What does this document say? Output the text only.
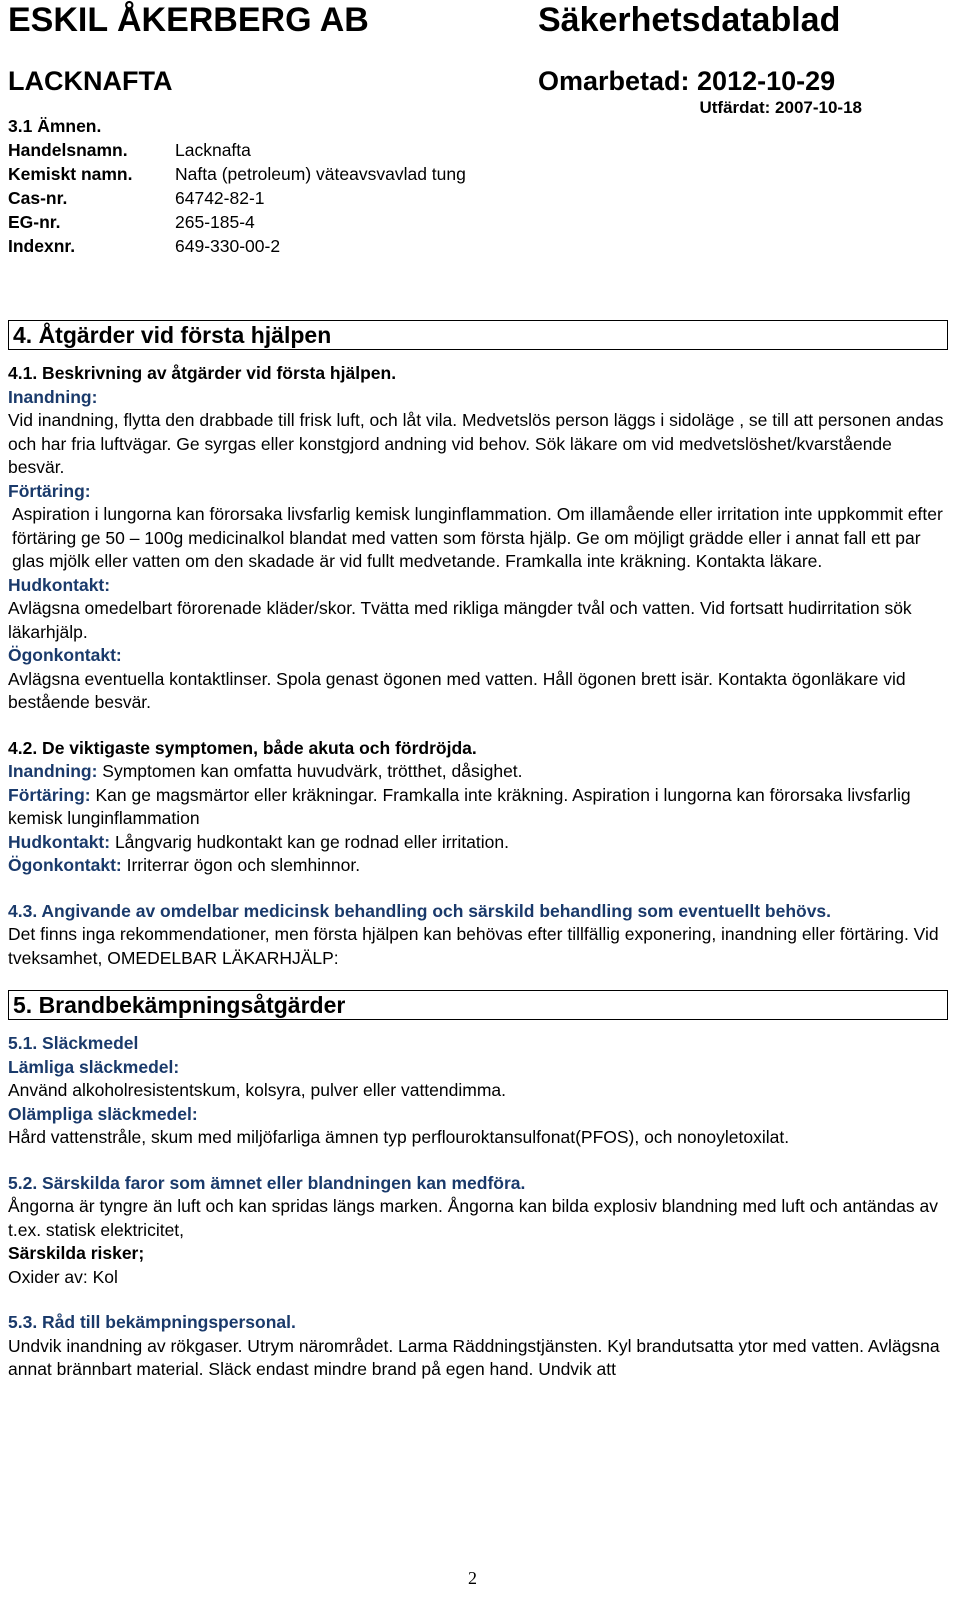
ESKIL ÅKERBERG AB	Säkerhetsdatablad
LACKNAFTA	Omarbetad: 2012-10-29
Utfärdat: 2007-10-18
3.1 Ämnen.
Handelsnamn.	Lacknafta
Kemiskt namn.	Nafta (petroleum) väteavsvavlad tung
Cas-nr.	64742-82-1
EG-nr.	265-185-4
Indexnr.	649-330-00-2
4. Åtgärder vid första hjälpen
4.1. Beskrivning av åtgärder vid första hjälpen.
Inandning:

Vid inandning, flytta den drabbade till frisk luft, och låt vila. Medvetslös person läggs i sidoläge , se till att personen andas och har fria luftvägar. Ge syrgas eller konstgjord andning vid behov. Sök läkare om vid medvetslöshet/kvarstående besvär.

Förtäring:

Aspiration i lungorna kan förorsaka livsfarlig kemisk lunginflammation. Om illamående eller irritation inte uppkommit efter förtäring ge 50 – 100g medicinalkol blandat med vatten som första hjälp. Ge om möjligt grädde eller i annat fall ett par glas mjölk eller vatten om den skadade är vid fullt medvetande. Framkalla inte kräkning. Kontakta läkare.

Hudkontakt:

Avlägsna omedelbart förorenade kläder/skor. Tvätta med rikliga mängder tvål och vatten. Vid fortsatt hudirritation sök läkarhjälp.

Ögonkontakt:

Avlägsna eventuella kontaktlinser. Spola genast ögonen med vatten. Håll ögonen brett isär. Kontakta ögonläkare vid bestående besvär.

4.2. De viktigaste symptomen, både akuta och fördröjda.

Inandning: Symptomen kan omfatta huvudvärk, trötthet, dåsighet.

Förtäring: Kan ge magsmärtor eller kräkningar. Framkalla inte kräkning. Aspiration i lungorna kan förorsaka livsfarlig kemisk lunginflammation

Hudkontakt: Långvarig hudkontakt kan ge rodnad eller irritation.

Ögonkontakt: Irriterrar ögon och slemhinnor.

4.3. Angivande av omdelbar medicinsk behandling och särskild behandling som eventuellt behövs.

Det finns inga rekommendationer, men första hjälpen kan behövas efter tillfällig exponering, inandning eller förtäring. Vid tveksamhet, OMEDELBAR LÄKARHJÄLP:

5. Brandbekämpningsåtgärder
5.1. Släckmedel
Lämliga släckmedel:

Använd alkoholresistentskum, kolsyra, pulver eller vattendimma.

Olämpliga släckmedel:

Hård vattenstråle, skum med miljöfarliga ämnen typ perflouroktansulfonat(PFOS), och nonoyletoxilat.

5.2. Särskilda faror som ämnet eller blandningen kan medföra.

Ångorna är tyngre än luft och kan spridas längs marken. Ångorna kan bilda explosiv blandning med luft och antändas av t.ex. statisk elektricitet,

Särskilda risker;

Oxider av: Kol

5.3. Råd till bekämpningspersonal.

Undvik inandning av rökgaser. Utrym närområdet. Larma Räddningstjänsten. Kyl brandutsatta ytor med vatten. Avlägsna annat brännbart material. Släck endast mindre brand på egen hand. Undvik att

2
